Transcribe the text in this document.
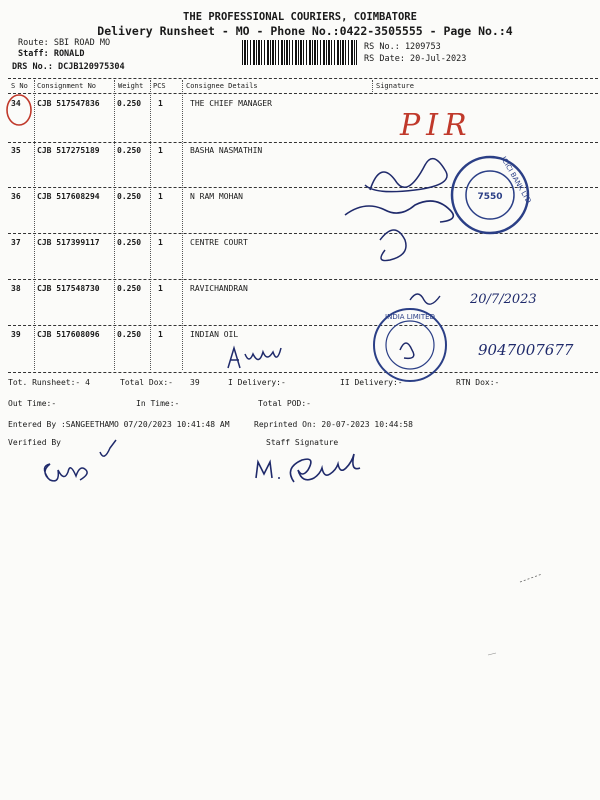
THE PROFESSIONAL COURIERS, COIMBATORE
Delivery Runsheet - MO - Phone No.:0422-3505555 - Page No.:4
Route: SBI ROAD MO
Staff: RONALD
DRS No.: DCJB120975304
RS No.: 1209753
RS Date: 20-Jul-2023
S No Consignment No	Weight PCS	Consignee Details	Signature
34 CJB 517547836 0.250 1	THE CHIEF MANAGER
35 CJB 517275189 0.250 1	BASHA NASMATHIN
36 CJB 517608294 0.250 1	N RAM MOHAN
37 CJB 517399117 0.250 1	CENTRE COURT
38 CJB 517548730 0.250 1	RAVICHANDRAN
39 CJB 517608096 0.250 1	INDIAN OIL
Tot. Runsheet:- 4	Total Dox:- 39	I Delivery:-	II Delivery:-	RTN Dox:-
Out Time:-	In Time:-	Total POD:-
Entered By :SANGEETHAMO 07/20/2023 10:41:48 AM	Reprinted On: 20-07-2023 10:44:58
Verified By	Staff Signature
PIR
7550
ICICI BANK LTD
20/7/2023
INDIA LIMITED
9047007677
